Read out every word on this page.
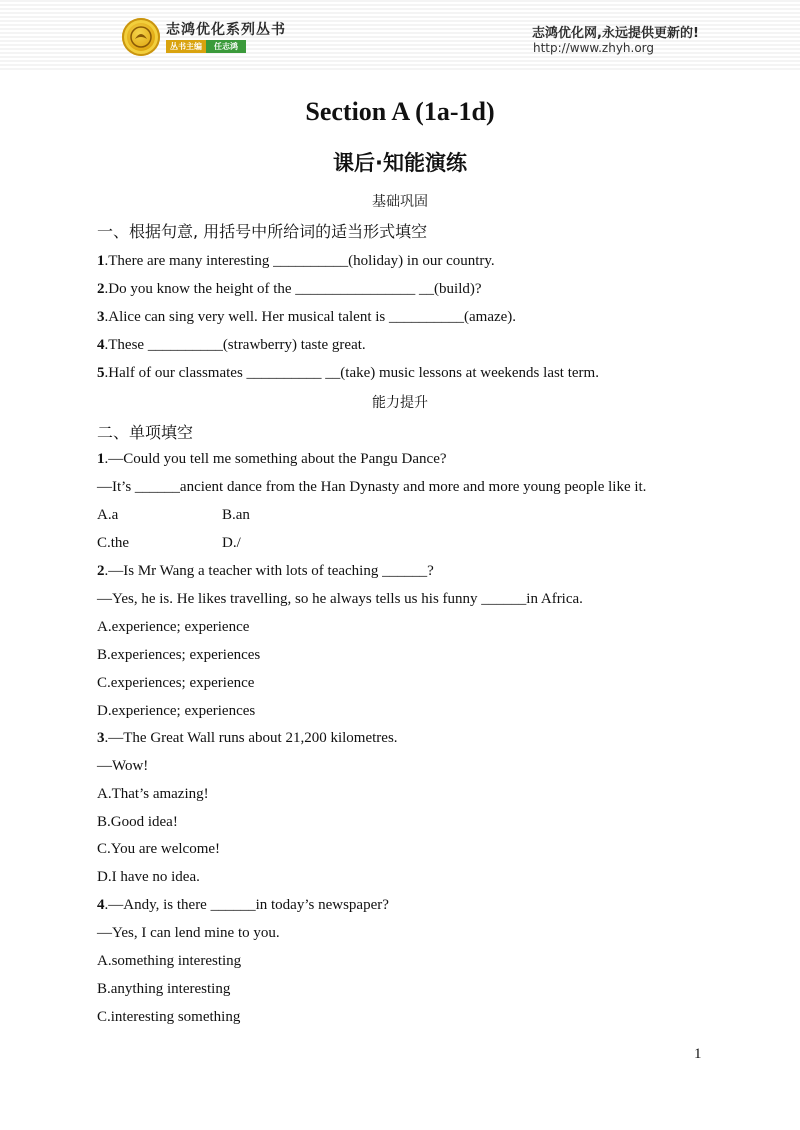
志鸿优化系列丛书
丛书主编	任志鸿
志鸿优化网,永远提供更新的!
http://www.zhyh.org
Section A (1a-1d)
课后·知能演练
基础巩固
一、根据句意, 用括号中所给词的适当形式填空
1.There are many interesting __________(holiday) in our country.
2.Do you know the height of the ________________ __(build)?
3.Alice can sing very well. Her musical talent is __________(amaze).
4.These __________(strawberry) taste great.
5.Half of our classmates __________ __(take) music lessons at weekends last term.
能力提升
二、单项填空
1.—Could you tell me something about the Pangu Dance?
—It’s ______ancient dance from the Han Dynasty and more and more young people like it.
A.a	B.an
C.the	D./
2.—Is Mr Wang a teacher with lots of teaching ______?
—Yes, he is. He likes travelling, so he always tells us his funny ______in Africa.
A.experience; experience
B.experiences; experiences
C.experiences; experience
D.experience; experiences
3.—The Great Wall runs about 21,200 kilometres.
—Wow!
A.That’s amazing!
B.Good idea!
C.You are welcome!
D.I have no idea.
4.—Andy, is there ______in today’s newspaper?
—Yes, I can lend mine to you.
A.something interesting
B.anything interesting
C.interesting something
1
